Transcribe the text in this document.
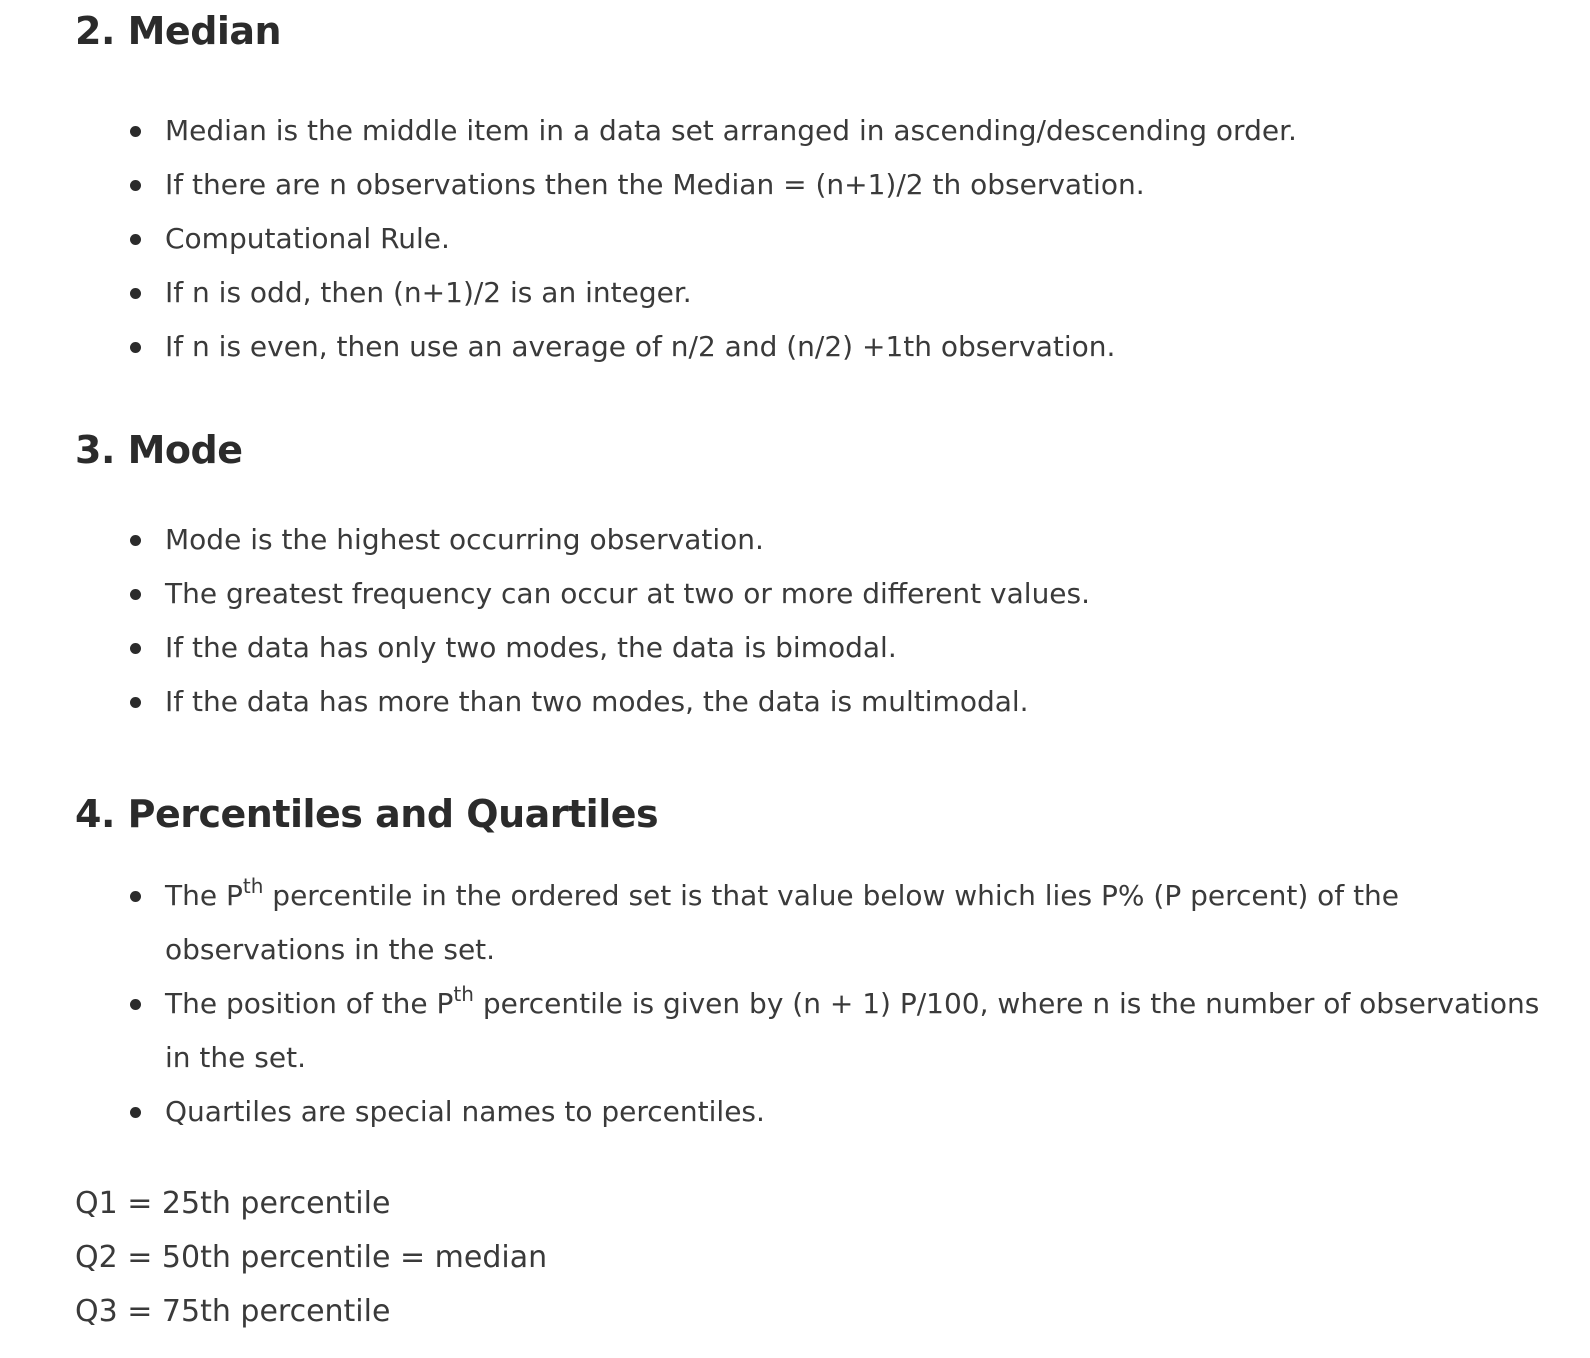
2. Median
Median is the middle item in a data set arranged in ascending/descending order.
If there are n observations then the Median = (n+1)/2 th observation.
Computational Rule.
If n is odd, then (n+1)/2 is an integer.
If n is even, then use an average of n/2 and (n/2) +1th observation.
3. Mode
Mode is the highest occurring observation.
The greatest frequency can occur at two or more different values.
If the data has only two modes, the data is bimodal.
If the data has more than two modes, the data is multimodal.
4. Percentiles and Quartiles
The $P^{th}$ percentile in the ordered set is that value below which lies P% (P percent) of the observations in the set.
The position of the $P^{th}$ percentile is given by (n + 1) P/100, where n is the number of observations in the set.
Quartiles are special names to percentiles.
Q1 = 25th percentile
Q2 = 50th percentile = median
Q3 = 75th percentile
